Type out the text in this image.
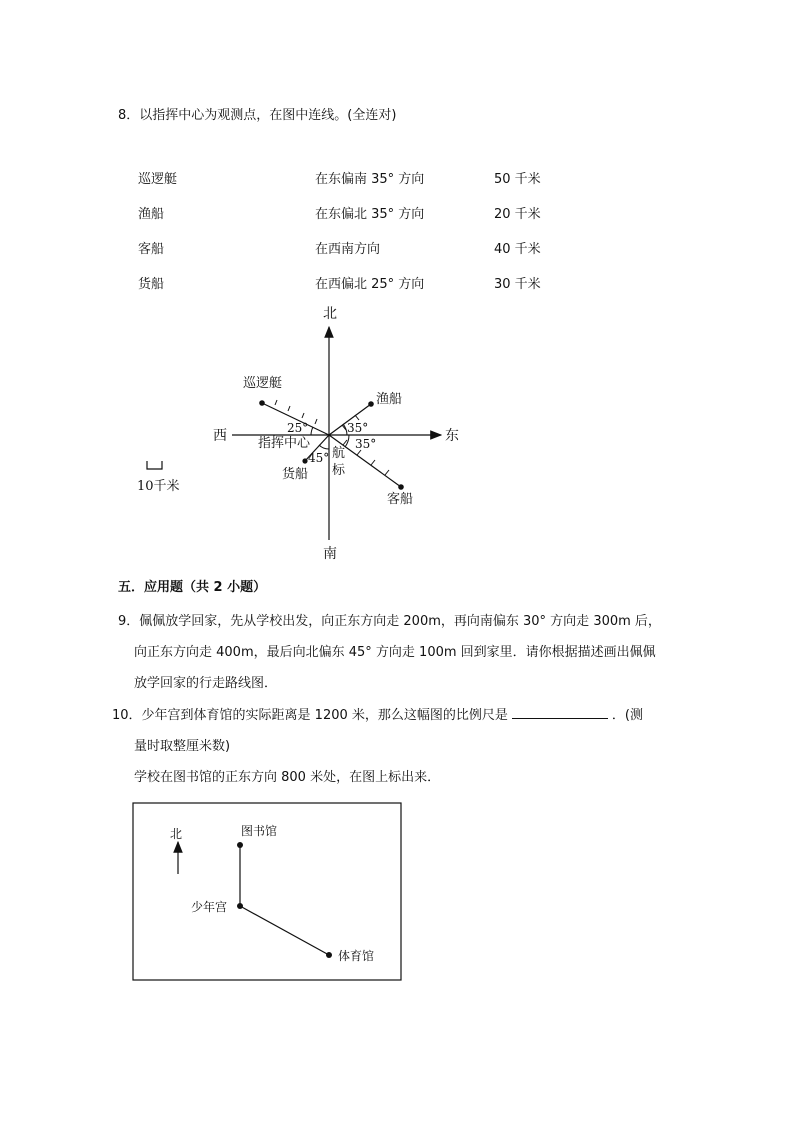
8．以指挥中心为观测点，在图中连线。(全连对)
巡逻艇	在东偏南 35° 方向	50 千米
渔船	在东偏北 35° 方向	20 千米
客船	在西南方向	40 千米
货船	在西偏北 25° 方向	30 千米
北
南
东
西 指挥中心
巡逻艇
渔船
货船
客船
25°	35°
35°
45° 航
标
10千米
五．应用题（共 2 小题）
9．佩佩放学回家，先从学校出发，向正东方向走 200m，再向南偏东 30° 方向走 300m 后，
向正东方向走 400m，最后向北偏东 45° 方向走 100m 回到家里．请你根据描述画出佩佩
放学回家的行走路线图．
10．少年宫到体育馆的实际距离是 1200 米，那么这幅图的比例尺是	．(测
量时取整厘米数)
学校在图书馆的正东方向 800 米处，在图上标出来．
北	图书馆
少年宫
体育馆
